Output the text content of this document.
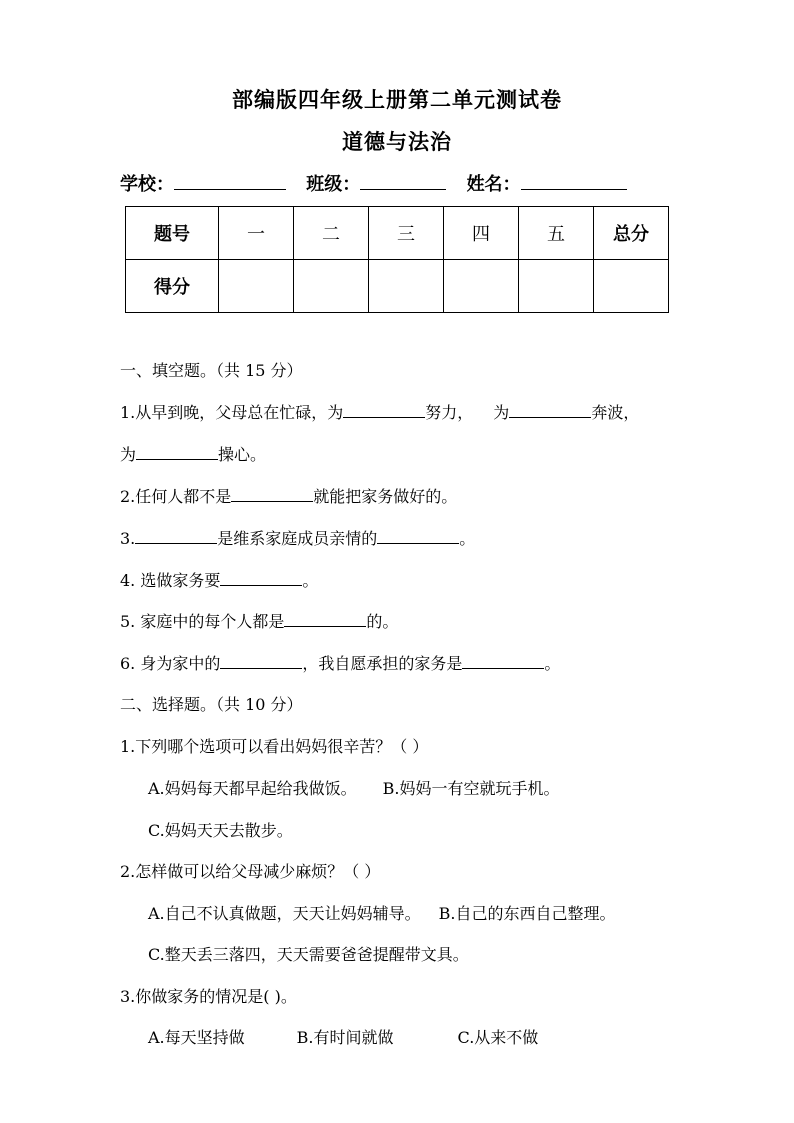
部编版四年级上册第二单元测试卷
道德与法治
学校：	班级：	姓名：
题号	一	二	三	四	五	总分
得分						
一、填空题。（共 15 分）
1.从早到晚，父母总在忙碌，为	努力， 为	奔波，
为	操心。
2.任何人都不是	就能把家务做好的。
3.	是维系家庭成员亲情的	。
4. 选做家务要	。
5. 家庭中的每个人都是	的。
6. 身为家中的	，我自愿承担的家务是	。
二、选择题。（共 10 分）
1.下列哪个选项可以看出妈妈很辛苦？（ ）
A.妈妈每天都早起给我做饭。 B.妈妈一有空就玩手机。
C.妈妈天天去散步。
2.怎样做可以给父母减少麻烦？（ ）
A.自己不认真做题，天天让妈妈辅导。 B.自己的东西自己整理。
C.整天丢三落四，天天需要爸爸提醒带文具。
3.你做家务的情况是( )。
A.每天坚持做	B.有时间就做	C.从来不做
